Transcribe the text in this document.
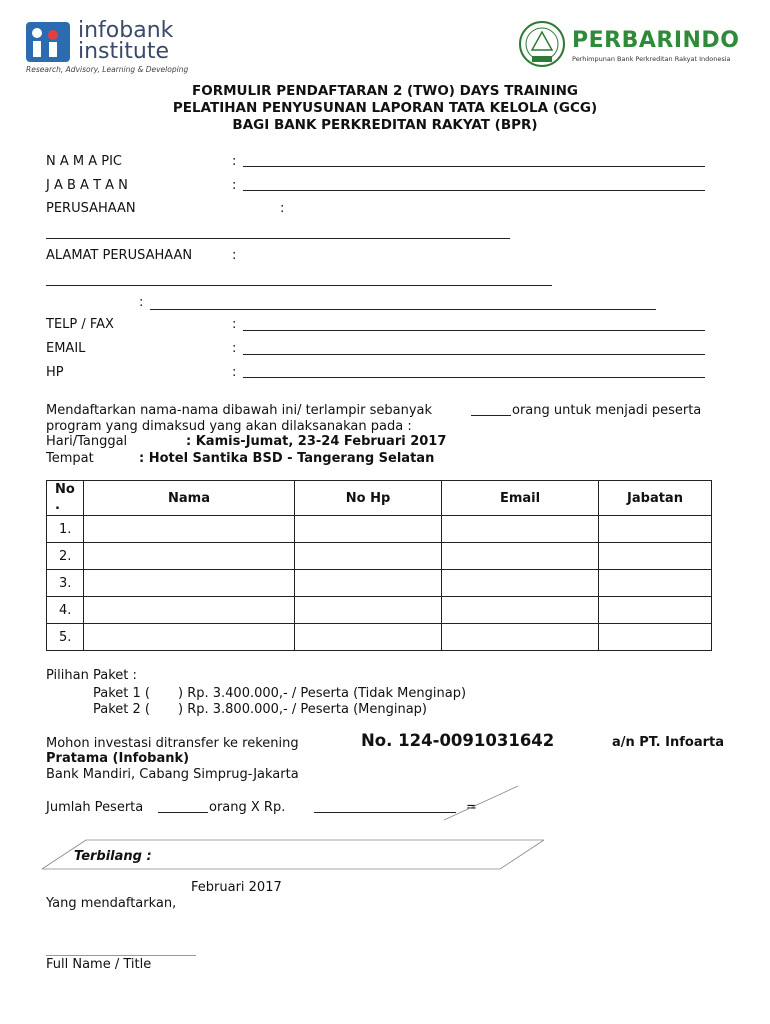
infobank
institute
Research, Advisory, Learning & Developing
PERBARINDO
Perhimpunan Bank Perkreditan Rakyat Indonesia
FORMULIR PENDAFTARAN 2 (TWO) DAYS TRAINING
PELATIHAN PENYUSUNAN LAPORAN TATA KELOLA (GCG)
BAGI BANK PERKREDITAN RAKYAT (BPR)
N A M A PIC	:
J A B A T A N	:
PERUSAHAAN	:
ALAMAT PERUSAHAAN	:
:
TELP / FAX	:
EMAIL	:
HP	:
Mendaftarkan nama-nama dibawah ini/ terlampir sebanyak	orang untuk menjadi peserta
program yang dimaksud yang akan dilaksanakan pada :
Hari/Tanggal	: Kamis-Jumat, 23-24 Februari 2017
Tempat	: Hotel Santika BSD - Tangerang Selatan
No .	Nama	No Hp	Email	Jabatan
1.				
2.				
3.				
4.				
5.				
Pilihan Paket :
Paket 1 ( ) Rp. 3.400.000,- / Peserta (Tidak Menginap)
Paket 2 ( ) Rp. 3.800.000,- / Peserta (Menginap)
Mohon investasi ditransfer ke rekening	No. 124-0091031642	a/n PT. Infoarta
Pratama (Infobank)
Bank Mandiri, Cabang Simprug-Jakarta
Jumlah Peserta	orang X Rp.	=
Terbilang :
Februari 2017
Yang mendaftarkan,
Full Name / Title
